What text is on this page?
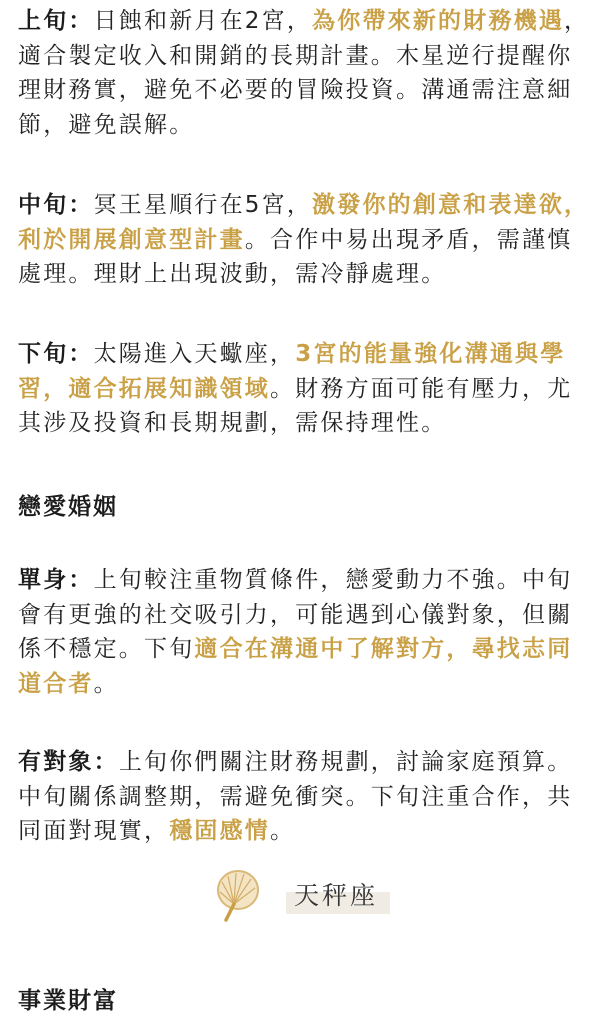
上旬：日蝕和新月在2宮，為你帶來新的財務機遇，適合製定收入和開銷的長期計畫。木星逆行提醒你理財務實，避免不必要的冒險投資。溝通需注意細節，避免誤解。

中旬：冥王星順行在5宮，激發你的創意和表達欲，利於開展創意型計畫。合作中易出現矛盾，需謹慎處理。理財上出現波動，需冷靜處理。

下旬：太陽進入天蠍座，3宮的能量強化溝通與學習，適合拓展知識領域。財務方面可能有壓力，尤其涉及投資和長期規劃，需保持理性。

戀愛婚姻

單身：上旬較注重物質條件，戀愛動力不強。中旬會有更強的社交吸引力，可能遇到心儀對象，但關係不穩定。下旬適合在溝通中了解對方，尋找志同道合者。

有對象：上旬你們關注財務規劃，討論家庭預算。中旬關係調整期，需避免衝突。下旬注重合作，共同面對現實，穩固感情。

天秤座
事業財富
